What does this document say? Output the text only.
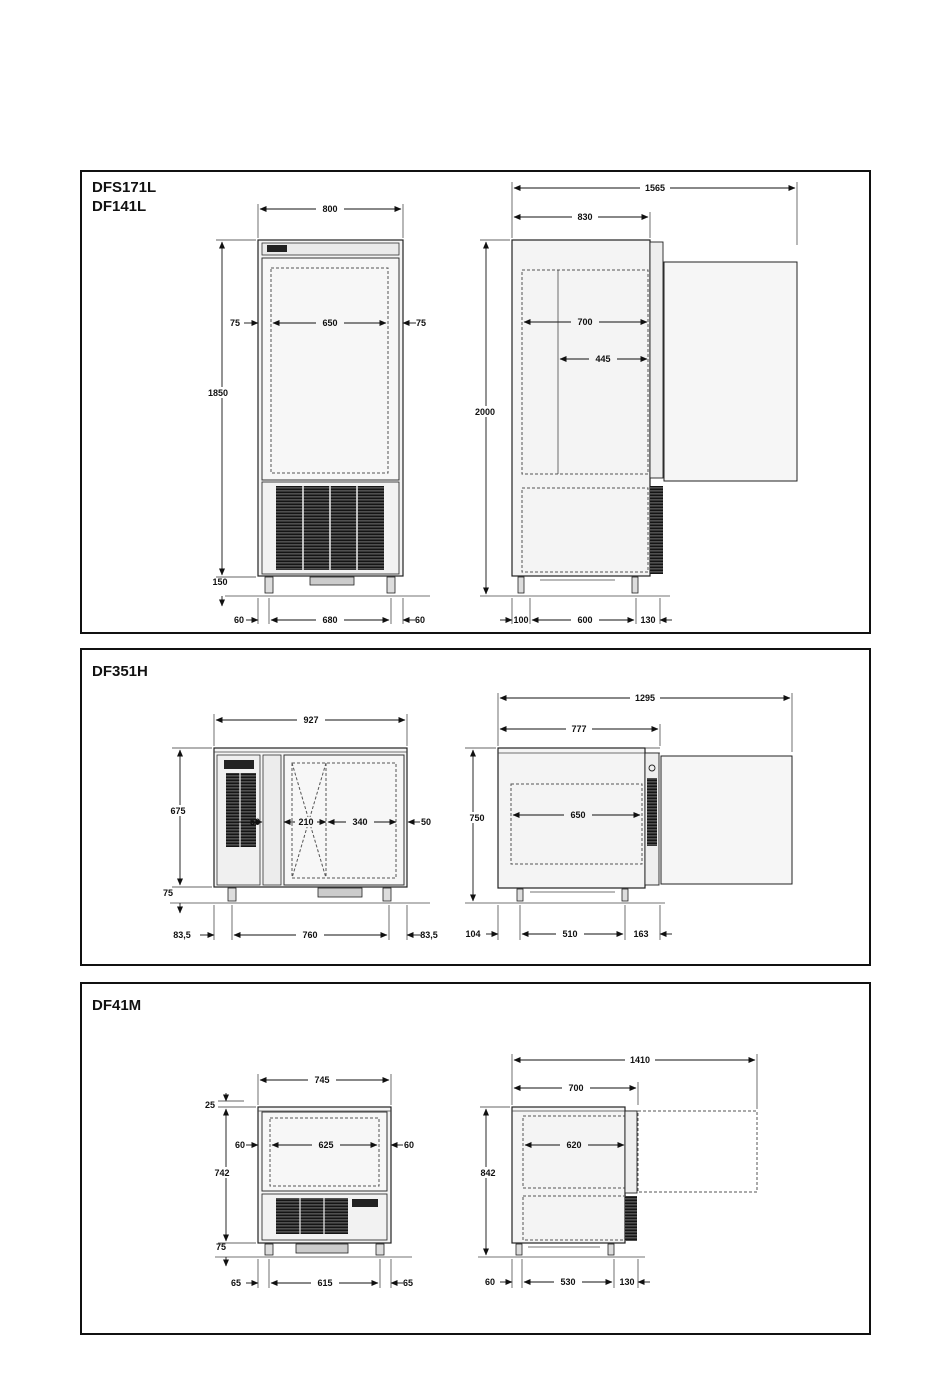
DFS171L
DF141L
DF351H
DF41M
800
75	650	75
1850
150
60	680	60
1565
830
700
445
2000
100	600	130
927
50	210	340	50
675
75
83,5	760	83,5
1295
777
650
750
104	510	163
745
25
60	625	60
742
75
65	615	65
1410
700
620
842
60	530	130
